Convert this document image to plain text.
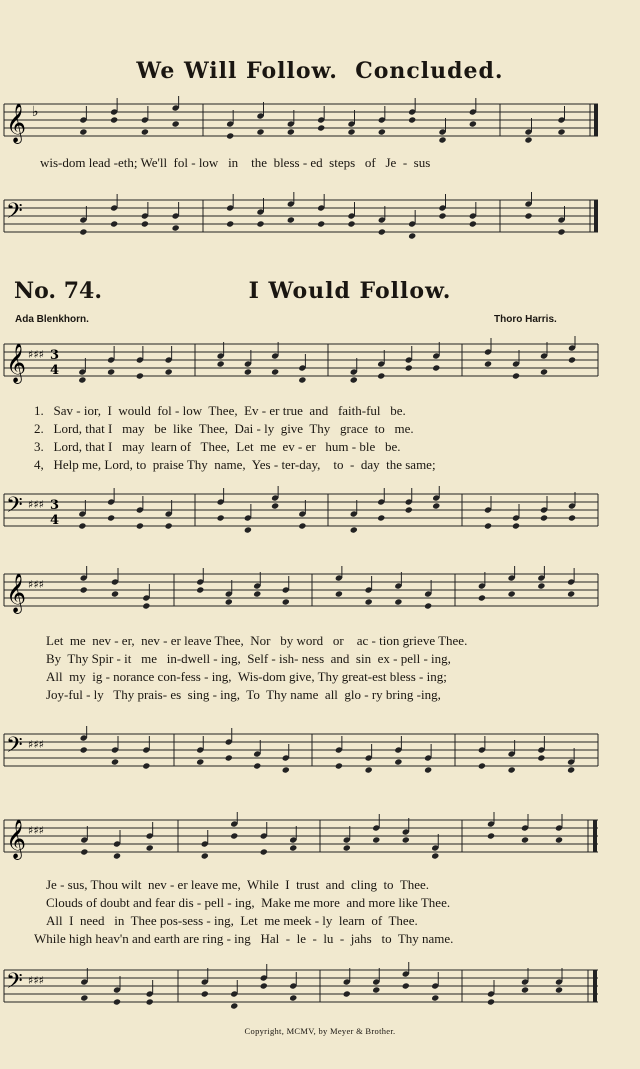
We Will Follow. Concluded.
𝄞 ♭
wis-dom lead -eth; We'll  fol - low   in    the  bless - ed  steps   of   Je  -  sus
𝄢
No. 74.	I Would Follow.
Ada Blenkhorn.	Thoro Harris.
𝄞 ♯♯♯ 3
4
1.   Sav - ior,  I  would  fol - low  Thee,  Ev - er true  and   faith-ful   be.
2.   Lord, that I   may   be  like  Thee,  Dai - ly  give  Thy   grace  to   me.
3.   Lord, that I   may  learn of   Thee,  Let  me  ev - er   hum - ble   be.
4,   Help me, Lord, to  praise Thy  name,  Yes - ter-day,    to  -  day  the same;
𝄢 ♯♯♯ 3
4
𝄞 ♯♯♯
Let  me  nev - er,  nev - er leave Thee,  Nor   by word   or    ac - tion grieve Thee.
By  Thy Spir - it   me   in-dwell - ing,  Self - ish- ness  and  sin  ex - pell - ing,
All  my  ig - norance con-fess - ing,  Wis-dom give, Thy great-est bless - ing;
Joy-ful - ly   Thy prais- es  sing - ing,  To  Thy name  all  glo - ry bring -ing,
𝄢 ♯♯♯
𝄞 ♯♯♯
Je - sus, Thou wilt  nev - er leave me,  While  I  trust  and  cling  to  Thee.
Clouds of doubt and fear dis - pell - ing,  Make me more  and more like Thee.
All  I  need   in  Thee pos-sess - ing,  Let  me meek - ly  learn  of  Thee.
While high heav'n and earth are ring - ing   Hal  -  le  -  lu  -  jahs   to  Thy name.
𝄢 ♯♯♯
Copyright, MCMV, by Meyer & Brother.
